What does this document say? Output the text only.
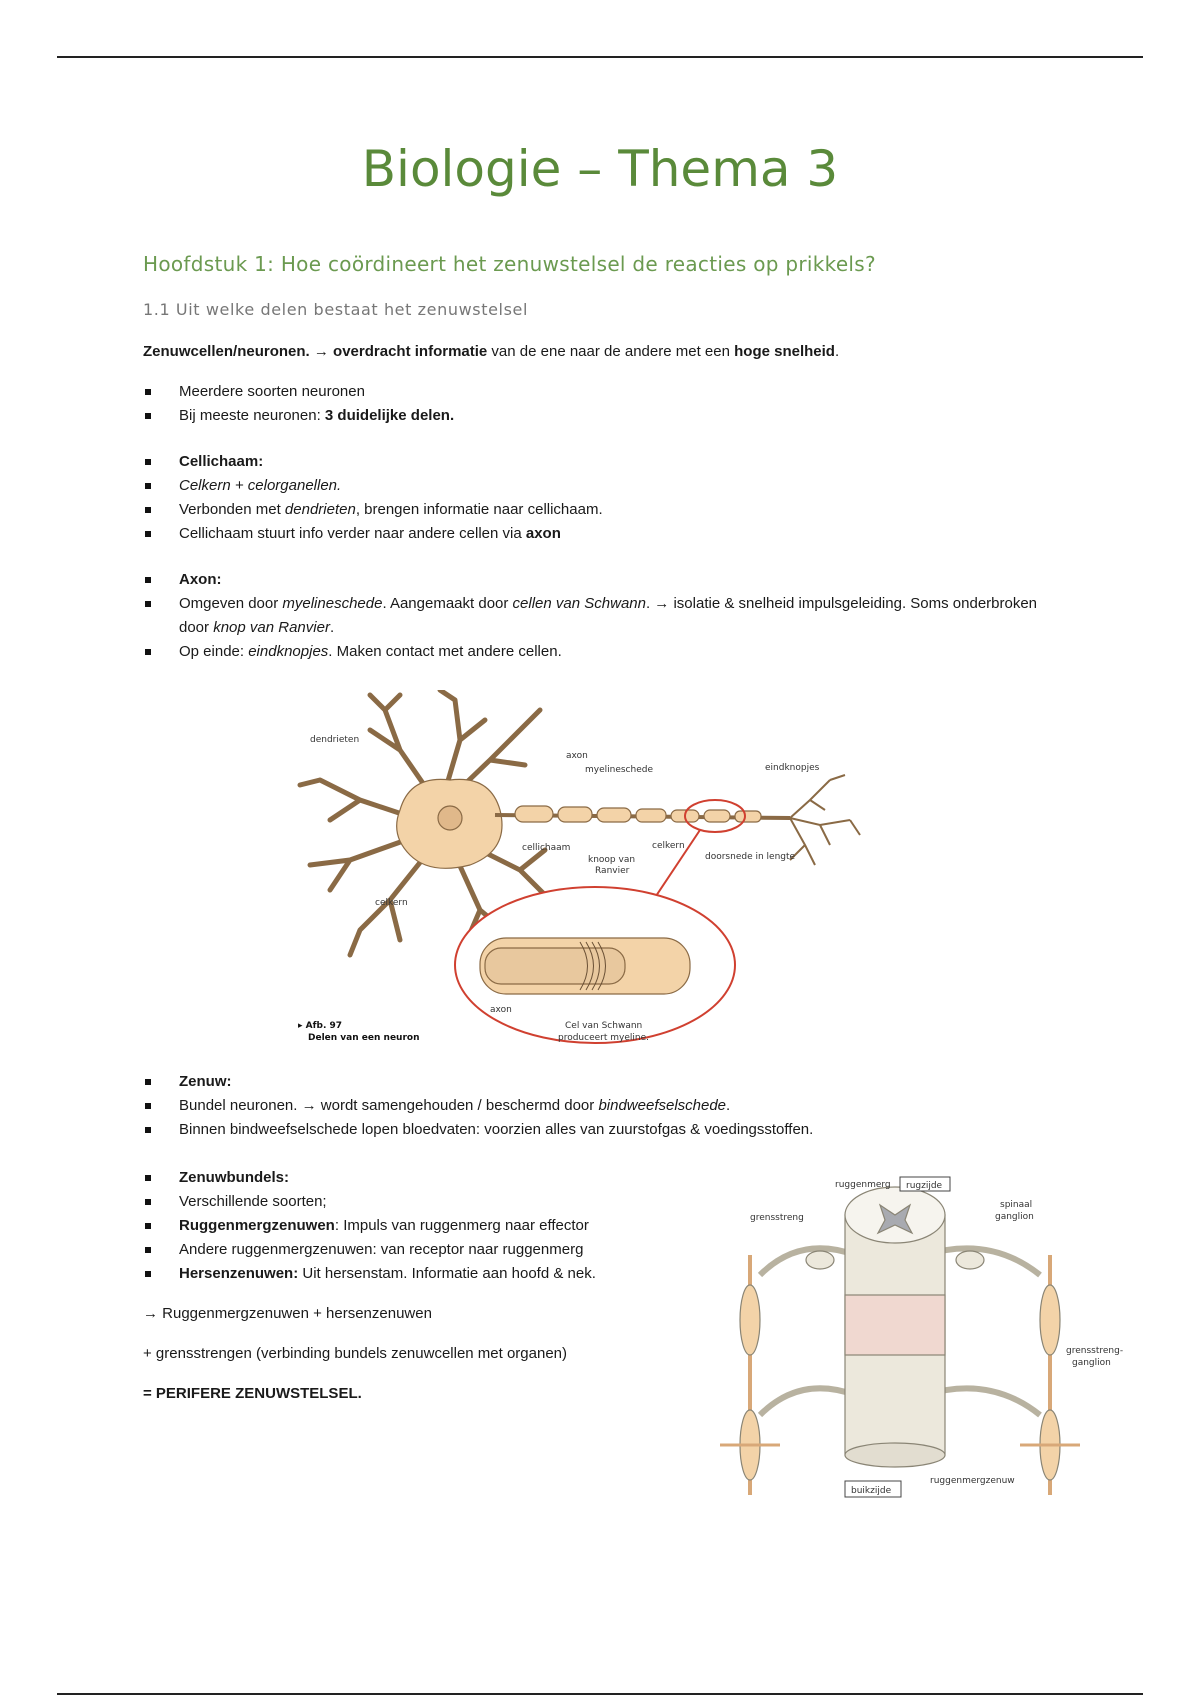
Biologie – Thema 3
Hoofdstuk 1: Hoe coördineert het zenuwstelsel de reacties op prikkels?
1.1 Uit welke delen bestaat het zenuwstelsel
Zenuwcellen/neuronen. → overdracht informatie van de ene naar de andere met een hoge snelheid.
Meerdere soorten neuronen
Bij meeste neuronen: 3 duidelijke delen.
Cellichaam:
Celkern + celorganellen.
Verbonden met dendrieten, brengen informatie naar cellichaam.
Cellichaam stuurt info verder naar andere cellen via axon
Axon:
Omgeven door myelineschede. Aangemaakt door cellen van Schwann. → isolatie & snelheid impulsgeleiding. Soms onderbroken door knop van Ranvier.
Op einde: eindknopjes. Maken contact met andere cellen.
dendrieten
axon
myelineschede	eindknopjes
cellichaam	celkern
knoop van
Ranvier
doorsnede in lengte
celkern
axon
Cel van Schwann
produceert myeline.
▸ Afb. 97
Delen van een neuron
Zenuw:
Bundel neuronen. → wordt samengehouden / beschermd door bindweefselschede.
Binnen bindweefselschede lopen bloedvaten: voorzien alles van zuurstofgas & voedingsstoffen.
Zenuwbundels:
Verschillende soorten;
Ruggenmergzenuwen: Impuls van ruggenmerg naar effector
Andere ruggenmergzenuwen: van receptor naar ruggenmerg
Hersenzenuwen: Uit hersenstam. Informatie aan hoofd & nek.
→ Ruggenmergzenuwen + hersenzenuwen
+ grensstrengen (verbinding bundels zenuwcellen met organen)
= PERIFERE ZENUWSTELSEL.
ruggenmerg rugzijde
grensstreng
spinaal
ganglion
grensstreng-
ganglion
buikzijde
ruggenmergzenuw
